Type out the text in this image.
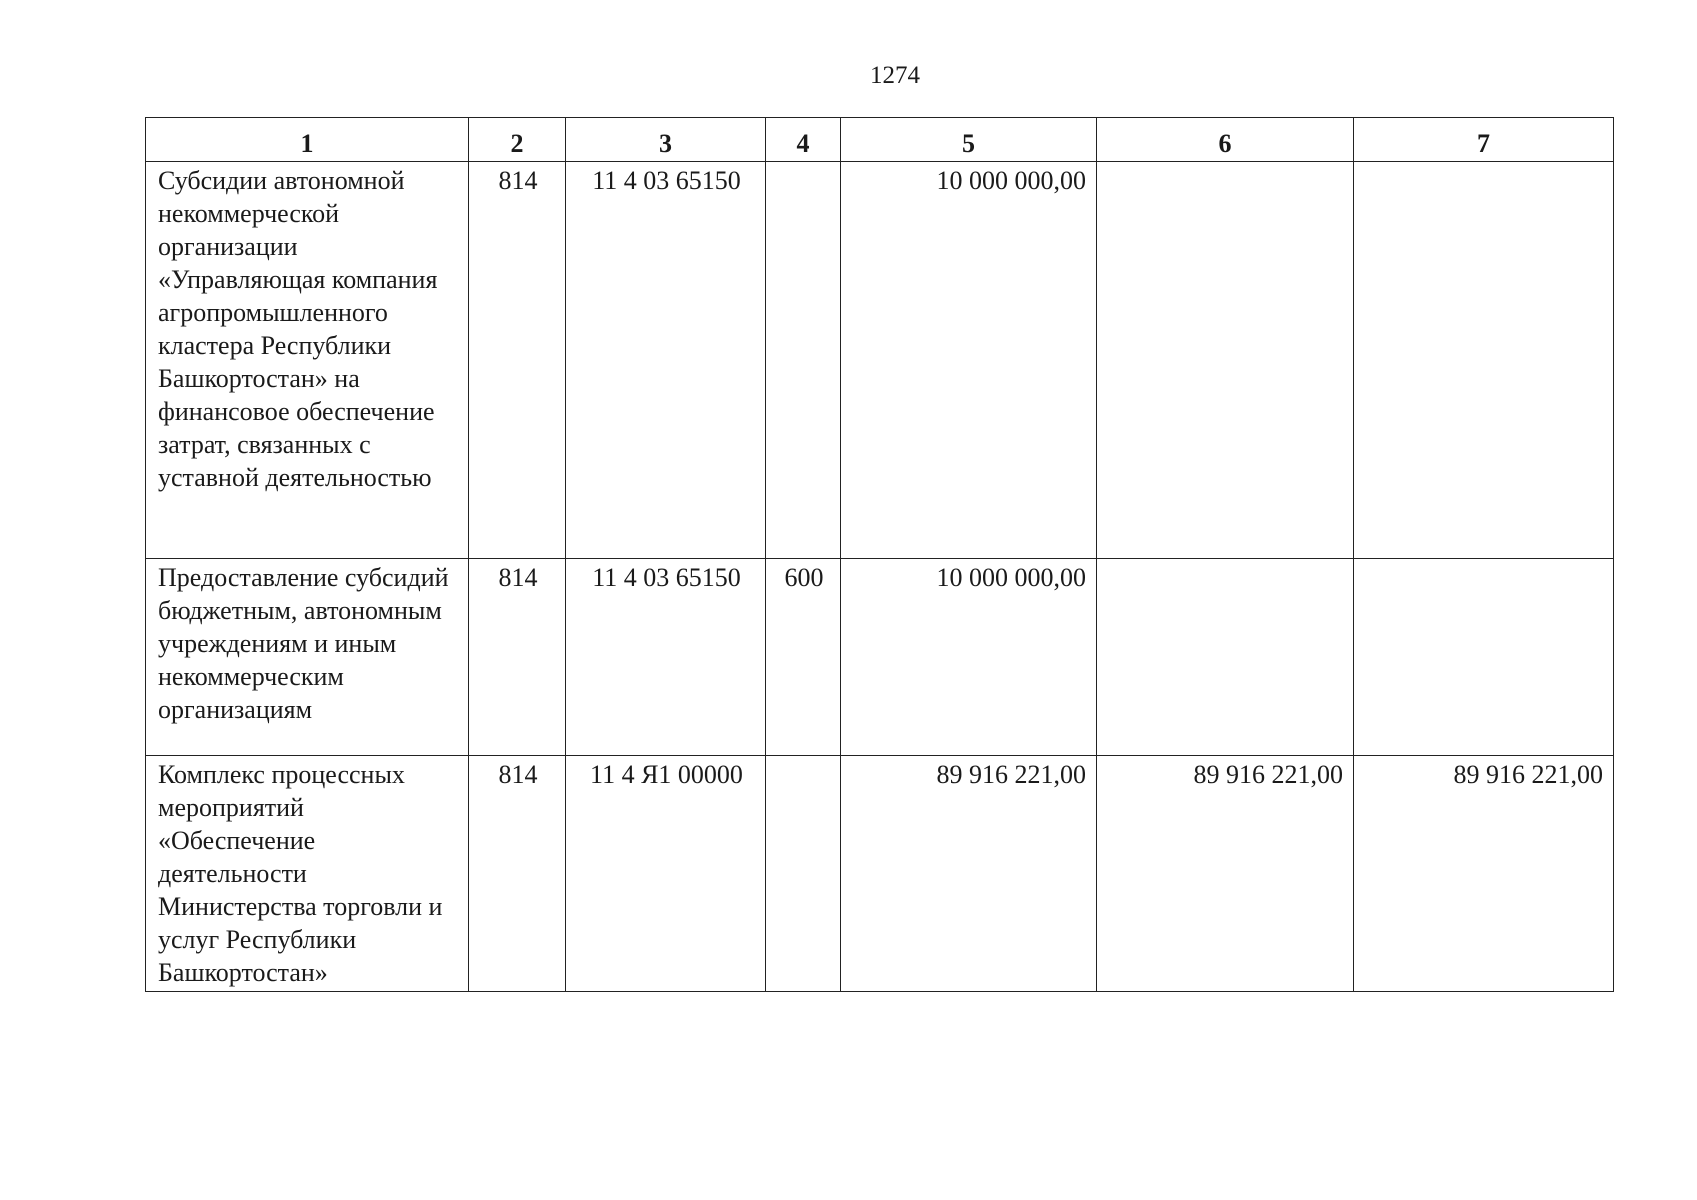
1274
1	2	3	4	5	6	7
Субсидии автономной некоммерческой организации «Управляющая компания агропромышленного кластера Республики Башкортостан» на финансовое обеспечение затрат, связанных с уставной деятельностью	814	11 4 03 65150		10 000 000,00		
Предоставление субсидий бюджетным, автономным учреждениям и иным некоммерческим организациям	814	11 4 03 65150	600	10 000 000,00		
Комплекс процессных мероприятий «Обеспечение деятельности Министерства торговли и услуг Республики Башкортостан»	814	11 4 Я1 00000		89 916 221,00	89 916 221,00	89 916 221,00
